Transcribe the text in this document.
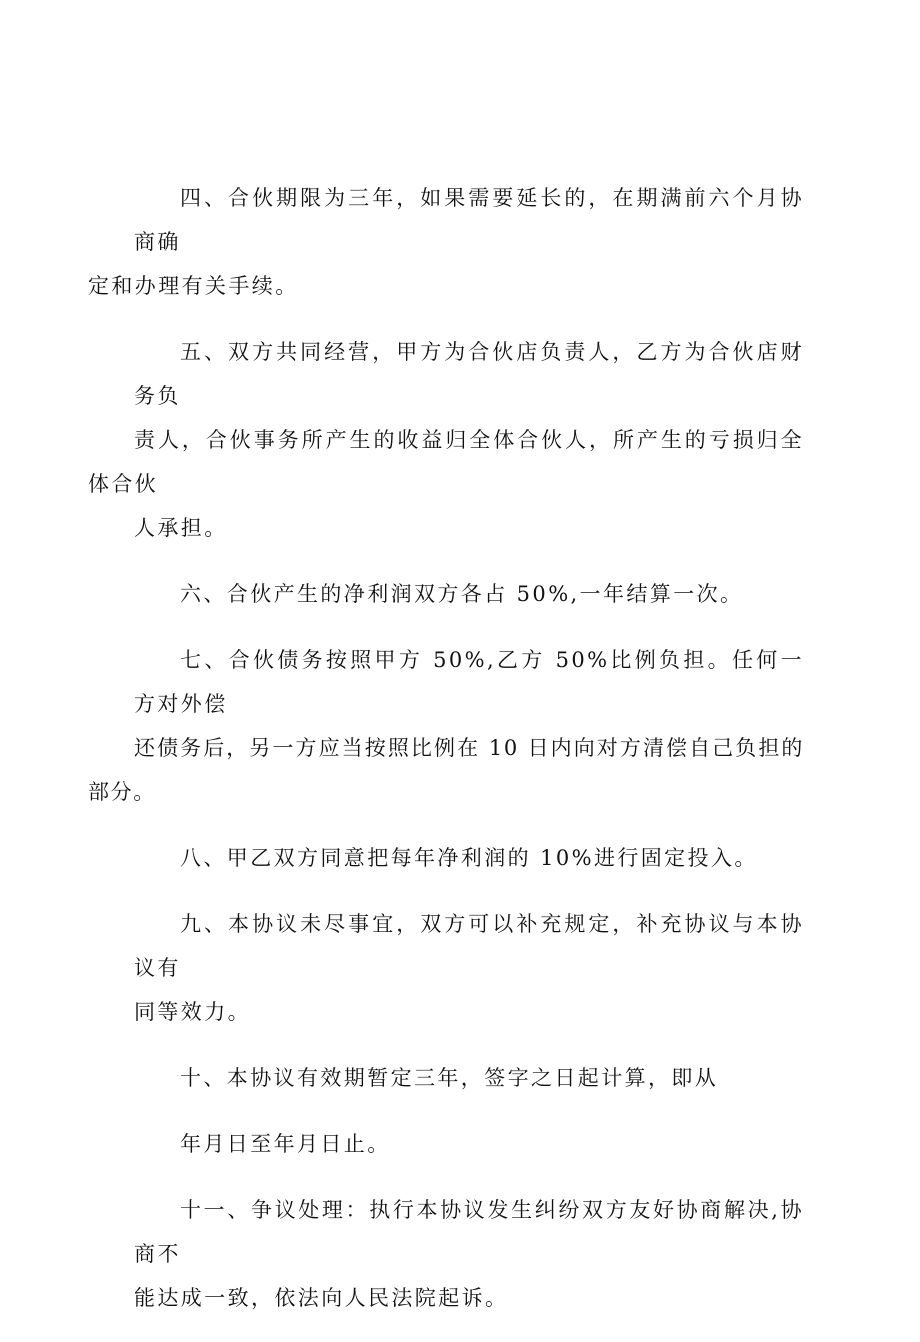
四、合伙期限为三年，如果需要延长的，在期满前六个月协商确
定和办理有关手续。

五、双方共同经营，甲方为合伙店负责人，乙方为合伙店财务负
责人，合伙事务所产生的收益归全体合伙人，所产生的亏损归全体合伙
人承担。

六、合伙产生的净利润双方各占 50%,一年结算一次。

七、合伙债务按照甲方 50%,乙方 50%比例负担。任何一方对外偿
还债务后，另一方应当按照比例在 10 日内向对方清偿自己负担的部分。

八、甲乙双方同意把每年净利润的 10%进行固定投入。

九、本协议未尽事宜，双方可以补充规定，补充协议与本协议有
同等效力。

十、本协议有效期暂定三年，签字之日起计算，即从

年月日至年月日止。

十一、争议处理：执行本协议发生纠纷双方友好协商解决,协商不
能达成一致，依法向人民法院起诉。
